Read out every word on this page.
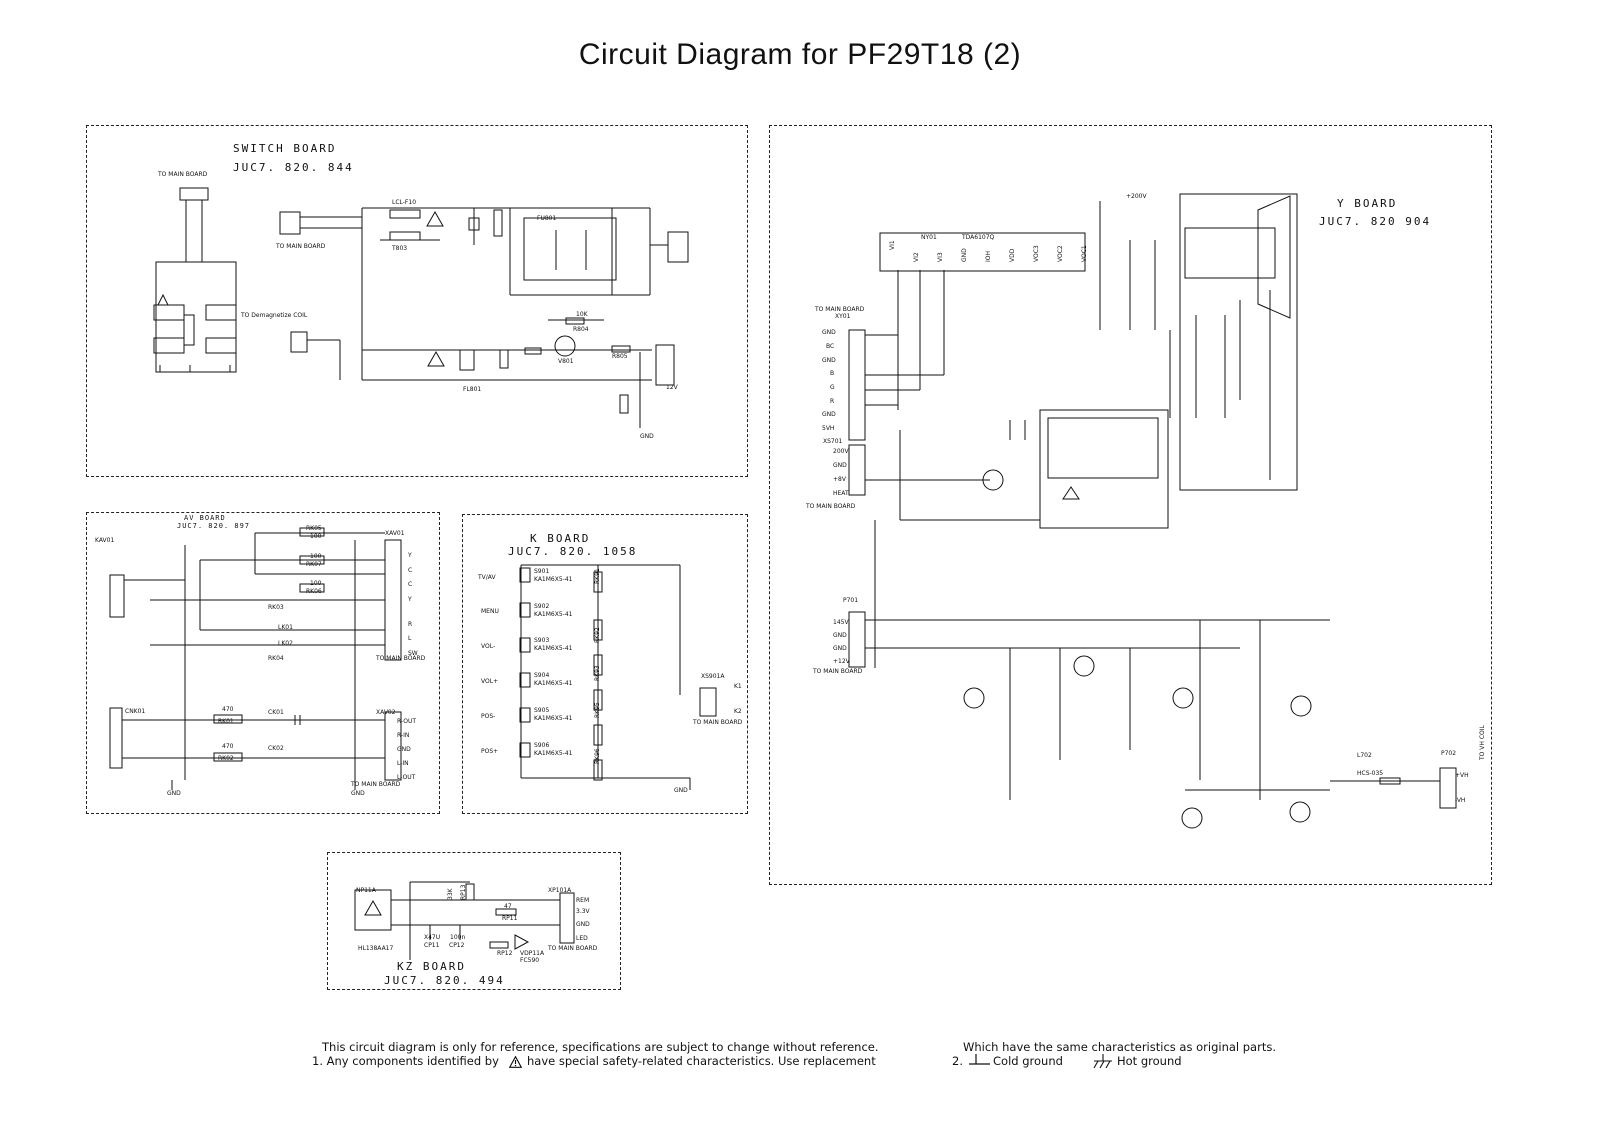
Circuit Diagram for PF29T18 (2)
SWITCH BOARD
JUC7. 820. 844
TO MAIN BOARD
TO MAIN BOARD
TO Demagnetize COIL
LCL-F10
T803
FL801
V801
12V
GND
R805
R804
10K
FU801
Y BOARD
JUC7. 820 904
TO MAIN BOARD
TO MAIN BOARD
TO MAIN BOARD
TDA6107Q
NY01
+200V
XY01
XS701
P701
P702
L702
HCS-035
TO VH COIL
GND
BC
GND
B
G
R
GND
5VH
VI1
VI2	VI3	GND	IOH	VDD	VOC3	VOC2	VOC1
200V
GND
+8V
HEAT
145V
GND
GND
+12V
+VH
-VH
AV BOARD
JUC7. 820. 897
KAV01
CNK01
XAV01
XAV02
TO MAIN BOARD
TO MAIN BOARD
RK05
RK07
RK06
RK03
RK04
RK01
RK02
LK01
LK02
CK01
CK02
100
100
100
470
470
GND	GND
Y
C
C
Y
R
L
SW
R-OUT
R-IN
GND
L-IN
L-OUT
K BOARD
JUC7. 820. 1058
TV/AV
MENU
VOL-
VOL+
POS-
POS+
S901
S902
S903
S904
S905
S906
KA1M6X5-41
KA1M6X5-41
KA1M6X5-41
KA1M6X5-41
KA1M6X5-41
KA1M6X5-41
RK91
RK92
RK93
RK95
RK96
XS901A
K1
K2
TO MAIN BOARD
GND
KZ BOARD
JUC7. 820. 494
REM
3.3V
GND
LED
NP11A	XP101A
HL138AA17
RP11
RP12
RP13
CP11 CP12
VDP11A
47
33K
X47U 100n
FC590
TO MAIN BOARD
This circuit diagram is only for reference, specifications are subject to change without reference.
1. Any components identified by have special safety-related characteristics. Use replacement
Which have the same characteristics as original parts.
2.	Cold ground	Hot ground
